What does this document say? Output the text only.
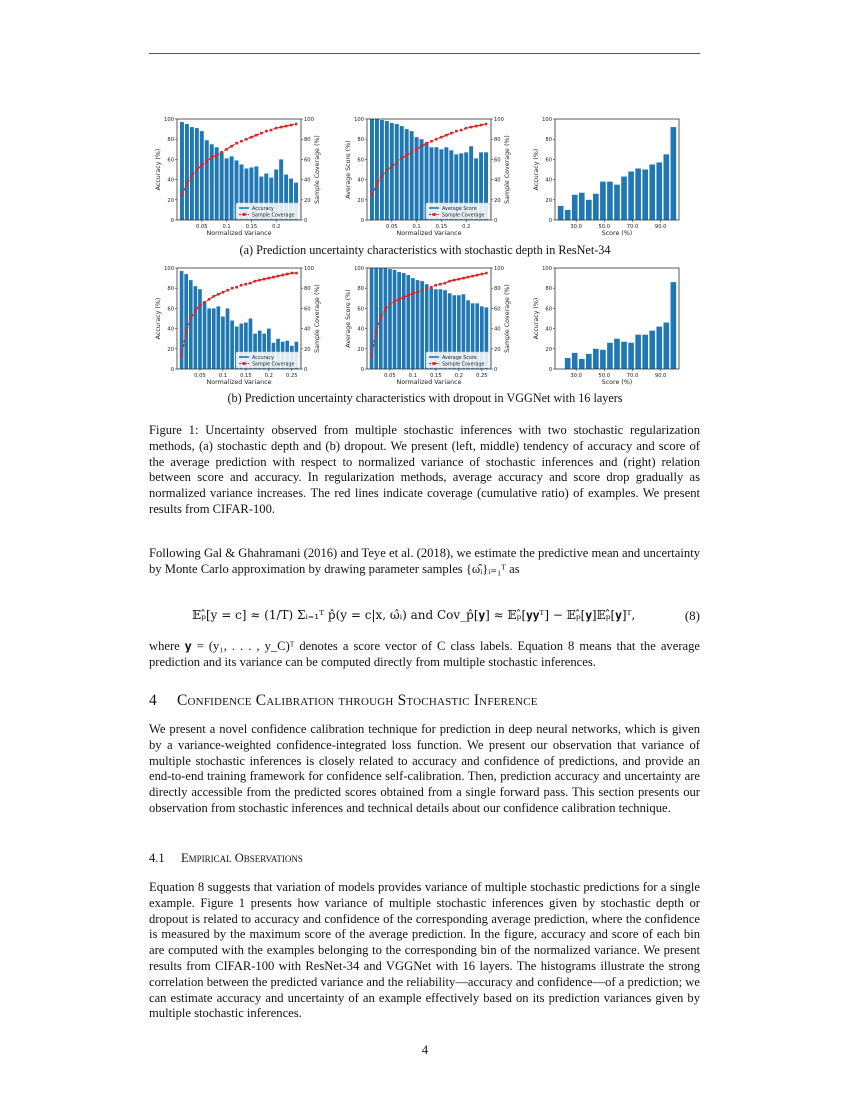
0	0
20	20
40	40
60	60
80	80
100	100
0.05	0.1	0.15	0.2
Normalized Variance
Accuracy (%)	Sample Coverage (%)
Accuracy
Sample Coverage
0	0
20	20
40	40
60	60
80	80
100	100
0.05	0.1	0.15	0.2
Normalized Variance
Average Score (%)	Sample Coverage (%)
Average Score
Sample Coverage
0
20
40
60
80
100
30.0	50.0	70.0	90.0
Score (%)
Accuracy (%)
(a) Prediction uncertainty characteristics with stochastic depth in ResNet-34
0	0
20	20
40	40
60	60
80	80
100	100
0.05	0.1	0.15	0.2	0.25
Normalized Variance
Accuracy (%)	Sample Coverage (%)
Accuracy
Sample Coverage
0	0
20	20
40	40
60	60
80	80
100	100
0.05	0.1	0.15	0.2	0.25
Normalized Variance
Average Score (%)	Sample Coverage (%)
Average Score
Sample Coverage
0
20
40
60
80
100
30.0	50.0	70.0	90.0
Score (%)
Accuracy (%)
(b) Prediction uncertainty characteristics with dropout in VGGNet with 16 layers
Figure 1: Uncertainty observed from multiple stochastic inferences with two stochastic regularization methods, (a) stochastic depth and (b) dropout. We present (left, middle) tendency of accuracy and score of the average prediction with respect to normalized variance of stochastic inferences and (right) relation between score and accuracy. In regularization methods, average accuracy and score drop gradually as normalized variance increases. The red lines indicate coverage (cumulative ratio) of examples. We present results from CIFAR-100.
Following Gal & Ghahramani (2016) and Teye et al. (2018), we estimate the predictive mean and uncertainty by Monte Carlo approximation by drawing parameter samples {ω̂ᵢ}ᵢ₌₁ᵀ as
𝔼ₚ̂[y = c] ≈ (1/T) Σᵢ₌₁ᵀ p̂(y = c|x, ω̂ᵢ) and Cov_p̂[𝐲] ≈ 𝔼ₚ̂[𝐲𝐲ᵀ] − 𝔼ₚ̂[𝐲]𝔼ₚ̂[𝐲]ᵀ,	(8)
where 𝐲 = (y₁, . . . , y_C)ᵀ denotes a score vector of C class labels. Equation 8 means that the average prediction and its variance can be computed directly from multiple stochastic inferences.
4 Confidence Calibration through Stochastic Inference
We present a novel confidence calibration technique for prediction in deep neural networks, which is given by a variance-weighted confidence-integrated loss function. We present our observation that variance of multiple stochastic inferences is closely related to accuracy and confidence of predictions, and provide an end-to-end training framework for confidence self-calibration. Then, prediction accuracy and uncertainty are directly accessible from the predicted scores obtained from a single forward pass. This section presents our observation from stochastic inferences and technical details about our confidence calibration technique.
4.1 Empirical Observations
Equation 8 suggests that variation of models provides variance of multiple stochastic predictions for a single example. Figure 1 presents how variance of multiple stochastic inferences given by stochastic depth or dropout is related to accuracy and confidence of the corresponding average prediction, where the confidence is measured by the maximum score of the average prediction. In the figure, accuracy and score of each bin are computed with the examples belonging to the corresponding bin of the normalized variance. We present results from CIFAR-100 with ResNet-34 and VGGNet with 16 layers. The histograms illustrate the strong correlation between the predicted variance and the reliability—accuracy and confidence—of a prediction; we can estimate accuracy and uncertainty of an example effectively based on its prediction variances given by multiple stochastic inferences.
4
